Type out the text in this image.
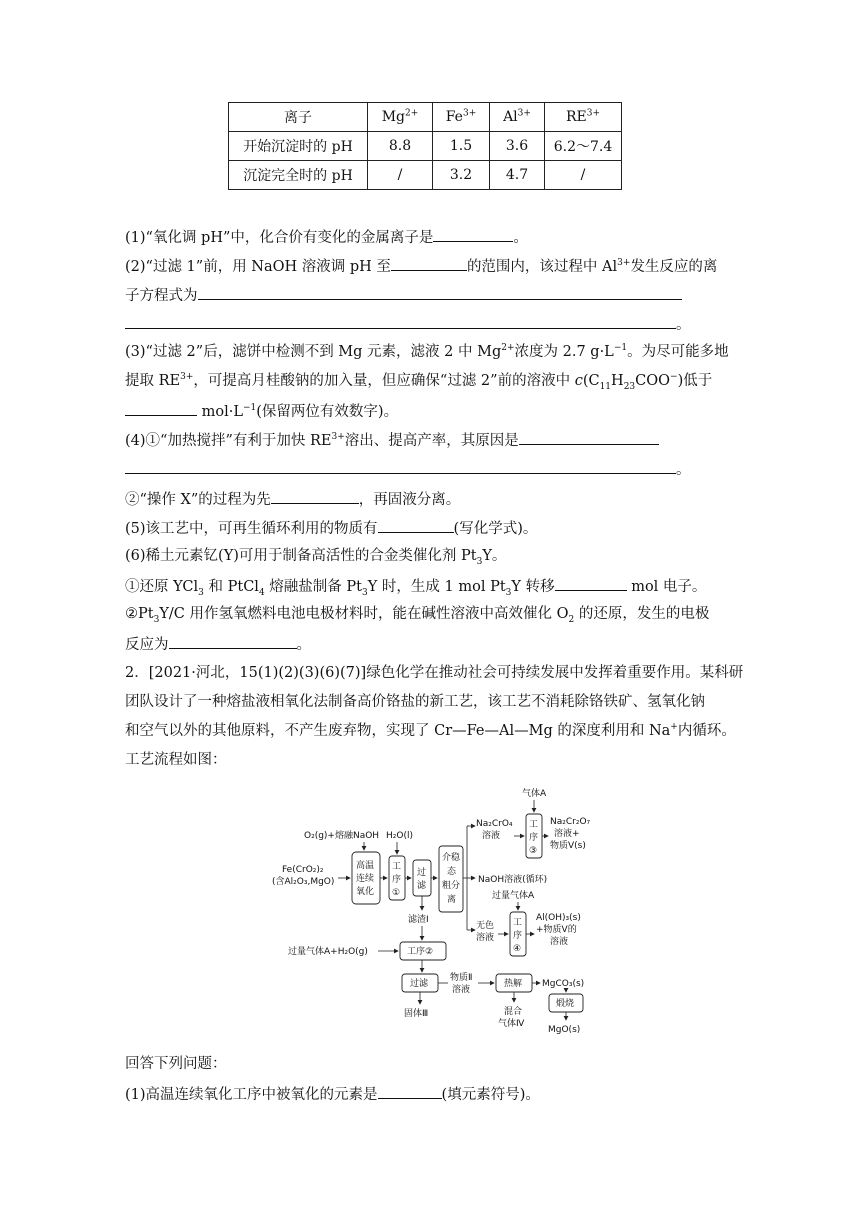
离子	$Mg^{2+}$	$Fe^{3+}$	$Al^{3+}$	$RE^{3+}$
开始沉淀时的 pH	8.8	1.5	3.6	6.2～7.4
沉淀完全时的 pH	/	3.2	4.7	/
(1)“氧化调 pH”中，化合价有变化的金属离子是	。
(2)“过滤 1”前，用 NaOH 溶液调 pH 至	的范围内，该过程中 $Al^{3+}$发生反应的离
子方程式为
。
(3)“过滤 2”后，滤饼中检测不到 Mg 元素，滤液 2 中 $Mg^{2+}$浓度为 2.7 $g\cdot L^{-1}$。为尽可能多地
提取 $RE^{3+}$，可提高月桂酸钠的加入量，但应确保“过滤 2”前的溶液中 $c(C_{11}H_{23}COO^-)$低于
$mol\cdot L^{-1}$(保留两位有效数字)。
(4)①“加热搅拌”有利于加快 $RE^{3+}$溶出、提高产率，其原因是
。
②“操作 X”的过程为先	，再固液分离。
(5)该工艺中，可再生循环利用的物质有	(写化学式)。
(6)稀土元素钇(Y)可用于制备高活性的合金类催化剂 $Pt_3Y$。
①还原 YCl$_3$ 和 PtCl$_4$ 熔融盐制备 $Pt_3Y$ 时，生成 1 mol $Pt_3Y$ 转移	mol 电子。
$②Pt_3Y/C$ 用作氢氧燃料电池电极材料时，能在碱性溶液中高效催化 $O_2$ 的还原，发生的电极
反应为	。
2．[2021·河北，15(1)(2)(3)(6)(7)]绿色化学在推动社会可持续发展中发挥着重要作用。某科研
团队设计了一种熔盐液相氧化法制备高价铬盐的新工艺，该工艺不消耗除铬铁矿、氢氧化钠
和空气以外的其他原料，不产生废弃物，实现了 Cr—Fe—Al—Mg 的深度利用和 Na+内循环。
工艺流程如图：
气体A
O₂(g)+熔融NaOH H₂O(l)
Fe(CrO₂)₂
(含Al₂O₃,MgO)
高温
连续
氧化
工
序
①
过
滤
介稳
态
粗分
离
Na₂CrO₄
溶液
工
序
③
Na₂Cr₂O₇
溶液+
物质V(s)
NaOH溶液(循环)
过量气体A
无色
溶液
工
序
④
Al(OH)₃(s)
+物质V的
溶液
滤渣Ⅰ
过量气体A+H₂O(g)	工序②
过滤
物质Ⅱ
溶液
热解 MgCO₃(s)
固体Ⅲ	混合
气体Ⅳ
煅烧
MgO(s)
回答下列问题：
(1)高温连续氧化工序中被氧化的元素是	(填元素符号)。
